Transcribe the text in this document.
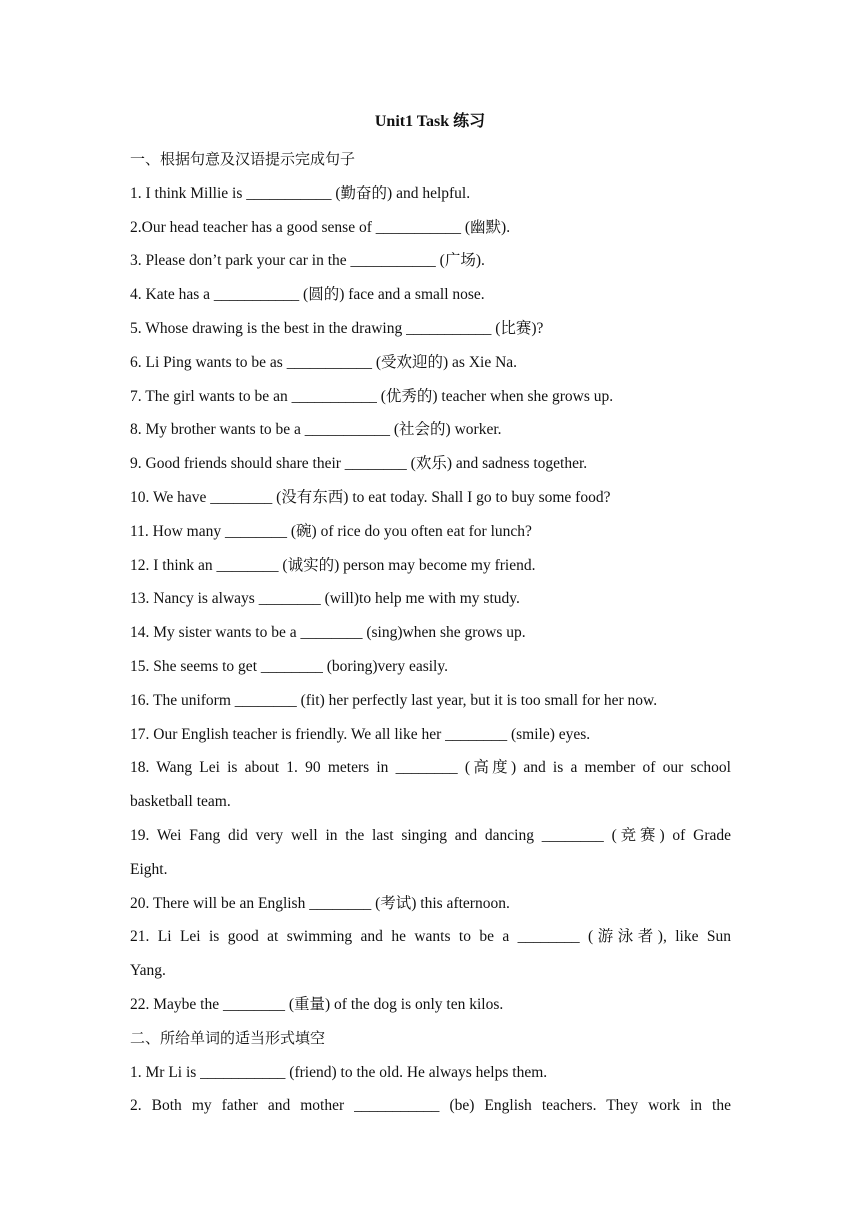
Unit1 Task 练习
一、根据句意及汉语提示完成句子
1. I think Millie is ___________ (勤奋的) and helpful.
2.Our head teacher has a good sense of ___________ (幽默).
3. Please don’t park your car in the ___________ (广场).
4. Kate has a ___________ (圆的) face and a small nose.
5. Whose drawing is the best in the drawing ___________ (比赛)?
6. Li Ping wants to be as ___________ (受欢迎的) as Xie Na.
7. The girl wants to be an ___________ (优秀的) teacher when she grows up.
8. My brother wants to be a ___________ (社会的) worker.
9. Good friends should share their ________ (欢乐) and sadness together.
10. We have ________ (没有东西) to eat today. Shall I go to buy some food?
11. How many ________ (碗) of rice do you often eat for lunch?
12. I think an ________ (诚实的) person may become my friend.
13. Nancy is always ________ (will)to help me with my study.
14. My sister wants to be a ________ (sing)when she grows up.
15. She seems to get ________ (boring)very easily.
16. The uniform ________ (fit) her perfectly last year, but it is too small for her now.
17. Our English teacher is friendly. We all like her ________ (smile) eyes.
18. Wang Lei is about 1. 90 meters in ________ (高度) and is a member of our school
basketball team.
19. Wei Fang did very well in the last singing and dancing ________ (竞赛) of Grade
Eight.
20. There will be an English ________ (考试) this afternoon.
21. Li Lei is good at swimming and he wants to be a ________ (游泳者), like Sun
Yang.
22. Maybe the ________ (重量) of the dog is only ten kilos.
二、所给单词的适当形式填空
1. Mr Li is ___________ (friend) to the old. He always helps them.
2. Both my father and mother ___________ (be) English teachers. They work in the
